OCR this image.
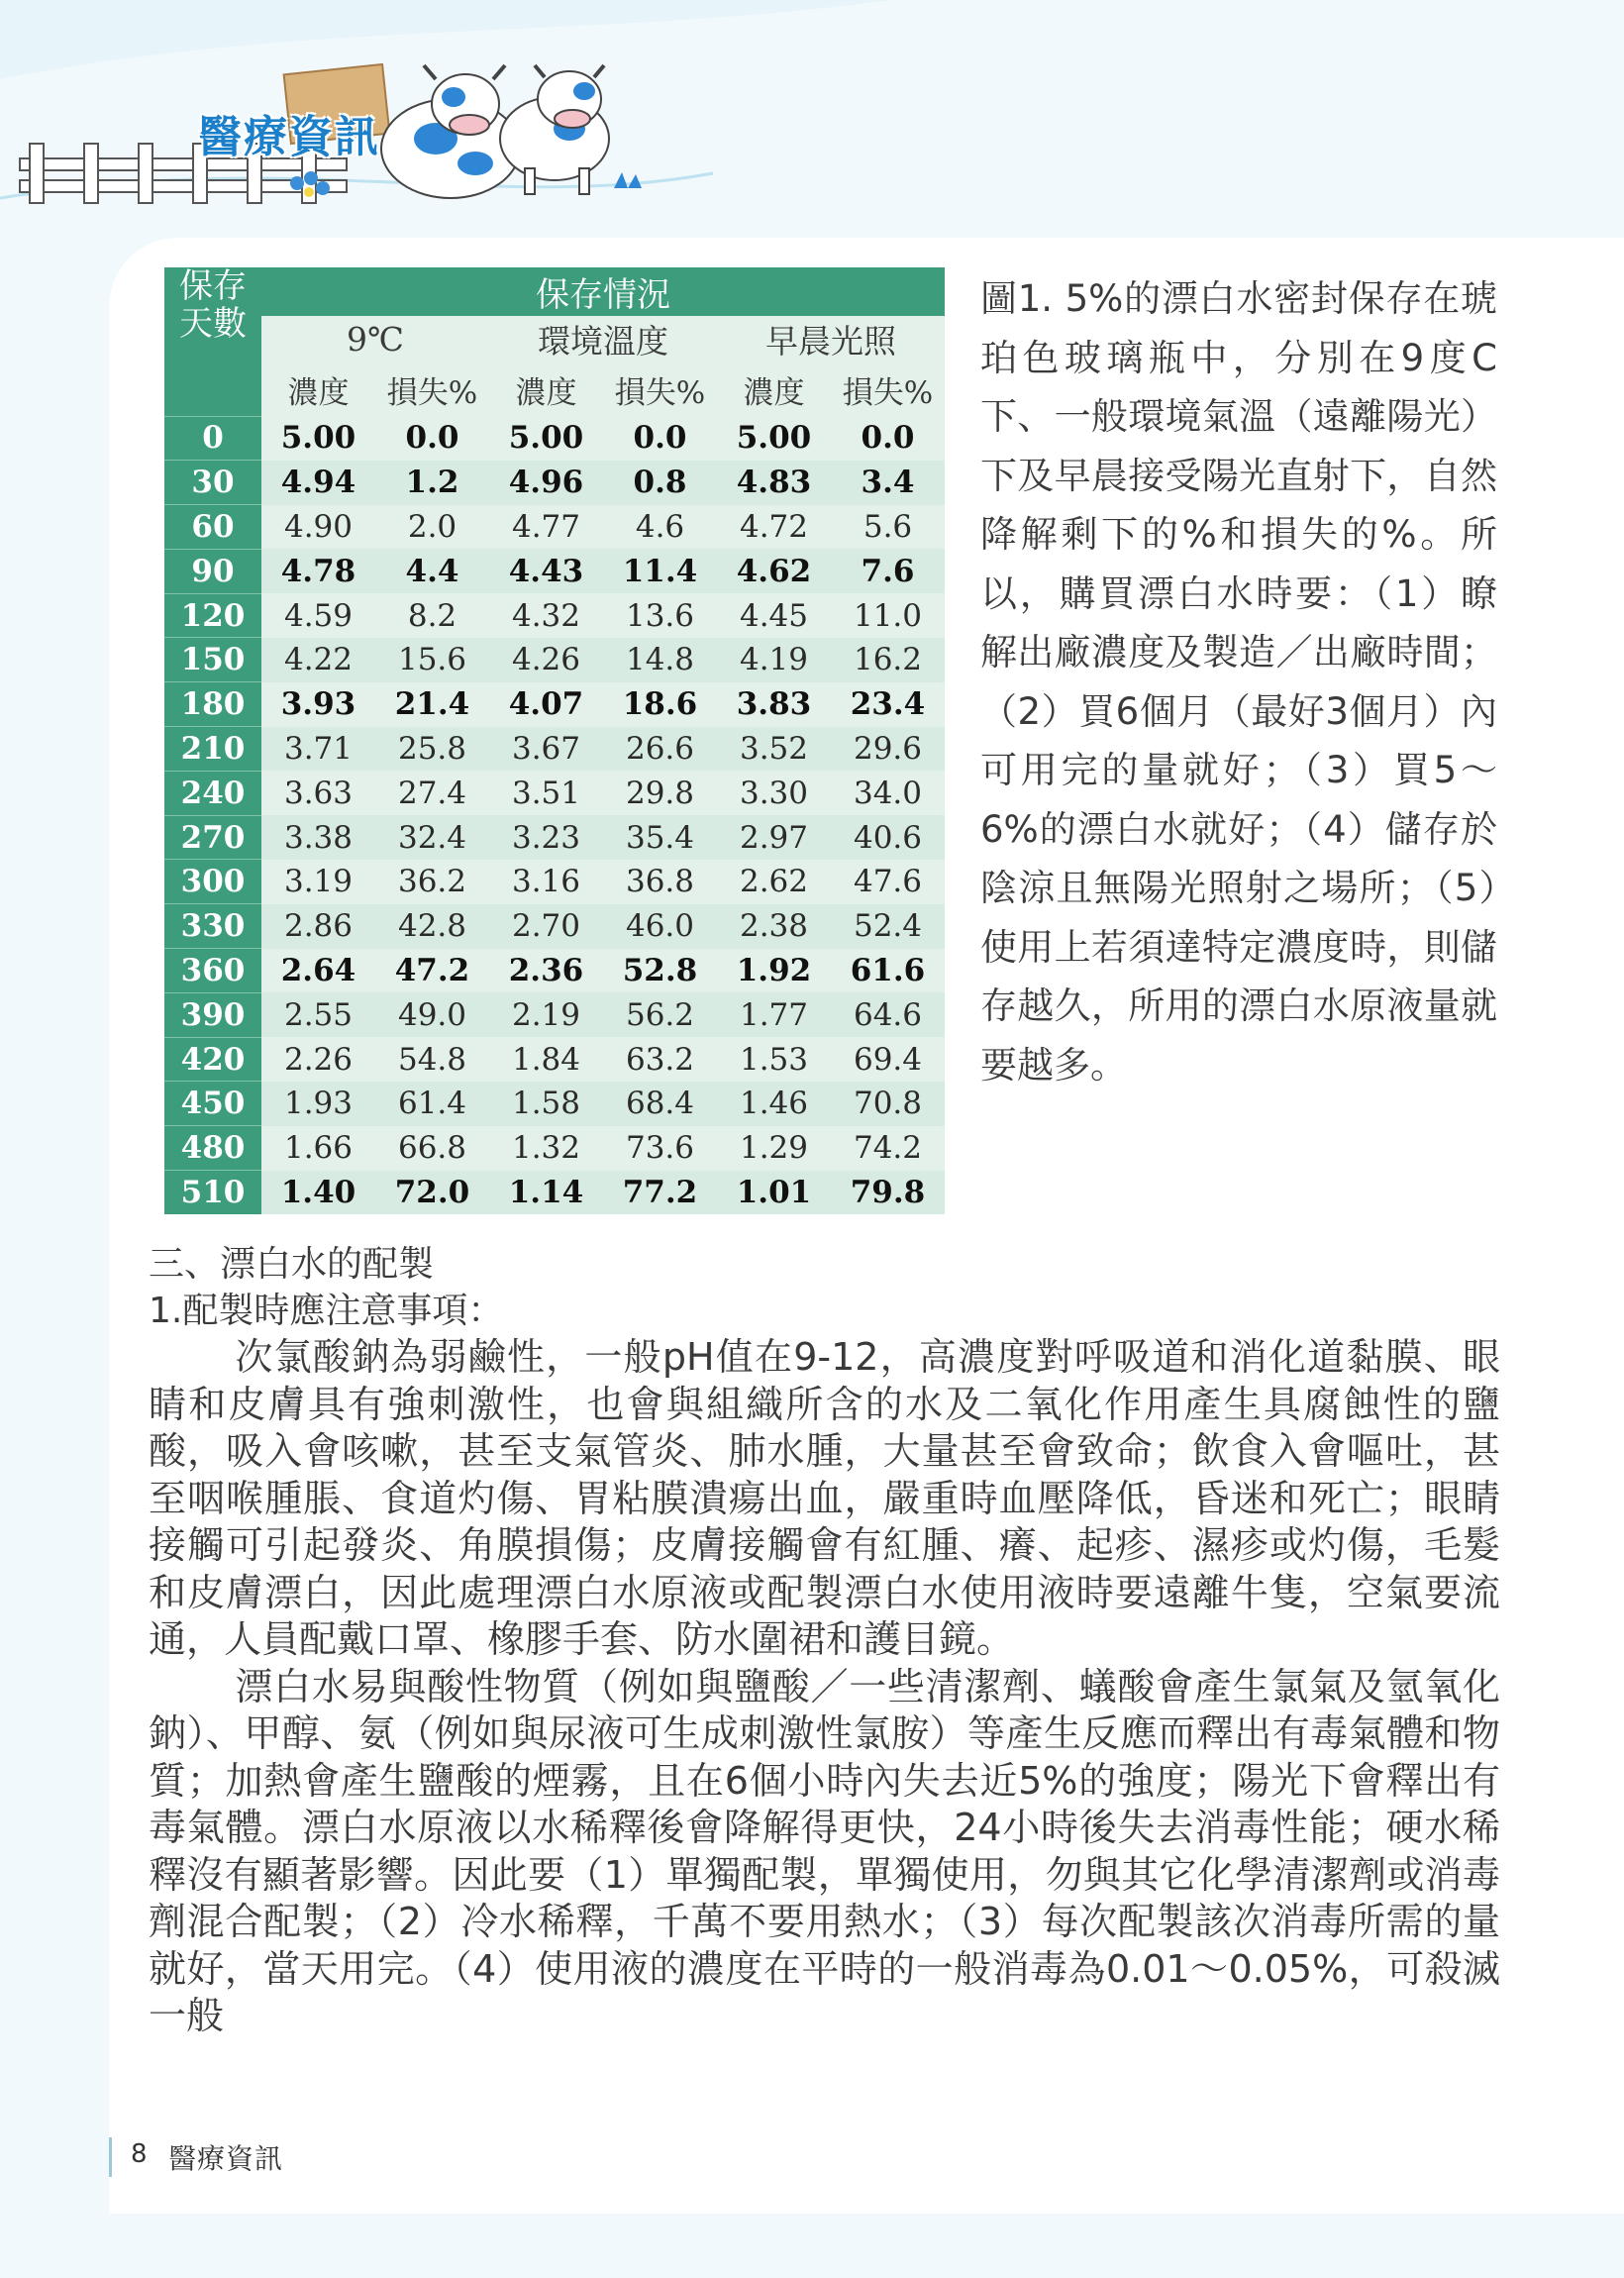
醫療資訊
保存天數	保存情況					
	9℃		環境溫度		早晨光照	
	濃度	損失%	濃度	損失%	濃度	損失%
0	5.00	0.0	5.00	0.0	5.00	0.0
30	4.94	1.2	4.96	0.8	4.83	3.4
60	4.90	2.0	4.77	4.6	4.72	5.6
90	4.78	4.4	4.43	11.4	4.62	7.6
120	4.59	8.2	4.32	13.6	4.45	11.0
150	4.22	15.6	4.26	14.8	4.19	16.2
180	3.93	21.4	4.07	18.6	3.83	23.4
210	3.71	25.8	3.67	26.6	3.52	29.6
240	3.63	27.4	3.51	29.8	3.30	34.0
270	3.38	32.4	3.23	35.4	2.97	40.6
300	3.19	36.2	3.16	36.8	2.62	47.6
330	2.86	42.8	2.70	46.0	2.38	52.4
360	2.64	47.2	2.36	52.8	1.92	61.6
390	2.55	49.0	2.19	56.2	1.77	64.6
420	2.26	54.8	1.84	63.2	1.53	69.4
450	1.93	61.4	1.58	68.4	1.46	70.8
480	1.66	66.8	1.32	73.6	1.29	74.2
510	1.40	72.0	1.14	77.2	1.01	79.8
圖1. 5%的漂白水密封保存在琥珀色玻璃瓶中，分別在9度C下、一般環境氣溫（遠離陽光）下及早晨接受陽光直射下，自然降解剩下的%和損失的%。所以，購買漂白水時要：（1）瞭解出廠濃度及製造／出廠時間；（2）買6個月（最好3個月）內可用完的量就好；（3）買5～6%的漂白水就好；（4）儲存於陰涼且無陽光照射之場所；（5）使用上若須達特定濃度時，則儲存越久，所用的漂白水原液量就要越多。
三、漂白水的配製
1.配製時應注意事項：

次氯酸鈉為弱鹼性，一般pH值在9-12，高濃度對呼吸道和消化道黏膜、眼睛和皮膚具有強刺激性，也會與組織所含的水及二氧化作用產生具腐蝕性的鹽酸，吸入會咳嗽，甚至支氣管炎、肺水腫，大量甚至會致命；飲食入會嘔吐，甚至咽喉腫脹、食道灼傷、胃粘膜潰瘍出血，嚴重時血壓降低，昏迷和死亡；眼睛接觸可引起發炎、角膜損傷；皮膚接觸會有紅腫、癢、起疹、濕疹或灼傷，毛髮和皮膚漂白，因此處理漂白水原液或配製漂白水使用液時要遠離牛隻，空氣要流通，人員配戴口罩、橡膠手套、防水圍裙和護目鏡。

漂白水易與酸性物質（例如與鹽酸／一些清潔劑、蟻酸會產生氯氣及氫氧化鈉）、甲醇、氨（例如與尿液可生成刺激性氯胺）等產生反應而釋出有毒氣體和物質；加熱會產生鹽酸的煙霧，且在6個小時內失去近5%的強度；陽光下會釋出有毒氣體。漂白水原液以水稀釋後會降解得更快，24小時後失去消毒性能；硬水稀釋沒有顯著影響。因此要（1）單獨配製，單獨使用，勿與其它化學清潔劑或消毒劑混合配製；（2）冷水稀釋，千萬不要用熱水；（3）每次配製該次消毒所需的量就好，當天用完。（4）使用液的濃度在平時的一般消毒為0.01～0.05%，可殺滅一般

8 醫療資訊
